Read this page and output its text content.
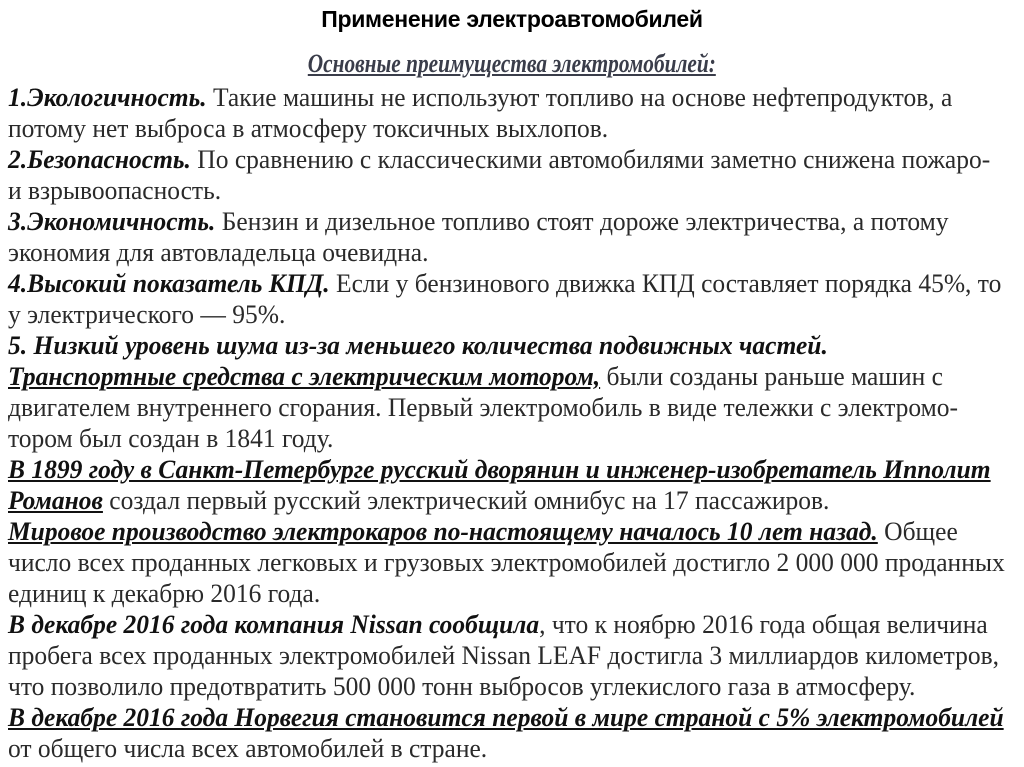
Применение электроавтомобилей
Основные преимущества электромобилей:
1.Экологичность. Такие машины не используют топливо на основе нефтепродуктов, а
потому нет выброса в атмосферу токсичных выхлопов.
2.Безопасность. По сравнению с классическими автомобилями заметно снижена пожаро-
и взрывоопасность.
3.Экономичность. Бензин и дизельное топливо стоят дороже электричества, а потому
экономия для автовладельца очевидна.
4.Высокий показатель КПД. Если у бензинового движка КПД составляет порядка 45%, то
у электрического — 95%.
5. Низкий уровень шума из-за меньшего количества подвижных частей.
Транспортные средства с электрическим мотором, были созданы раньше машин с
двигателем внутреннего сгорания. Первый электромобиль в виде тележки с электромо-
тором был создан в 1841 году.
В 1899 году в Санкт-Петербурге русский дворянин и инженер-изобретатель Ипполит
Романов создал первый русский электрический омнибус на 17 пассажиров.
Мировое производство электрокаров по-настоящему началось 10 лет назад. Общее
число всех проданных легковых и грузовых электромобилей достигло 2 000 000 проданных
единиц к декабрю 2016 года.
В декабре 2016 года компания Nissan сообщила, что к ноябрю 2016 года общая величина
пробега всех проданных электромобилей Nissan LEAF достигла 3 миллиардов километров,
что позволило предотвратить 500 000 тонн выбросов углекислого газа в атмосферу.
В декабре 2016 года Норвегия становится первой в мире страной с 5% электромобилей
от общего числа всех автомобилей в стране.
